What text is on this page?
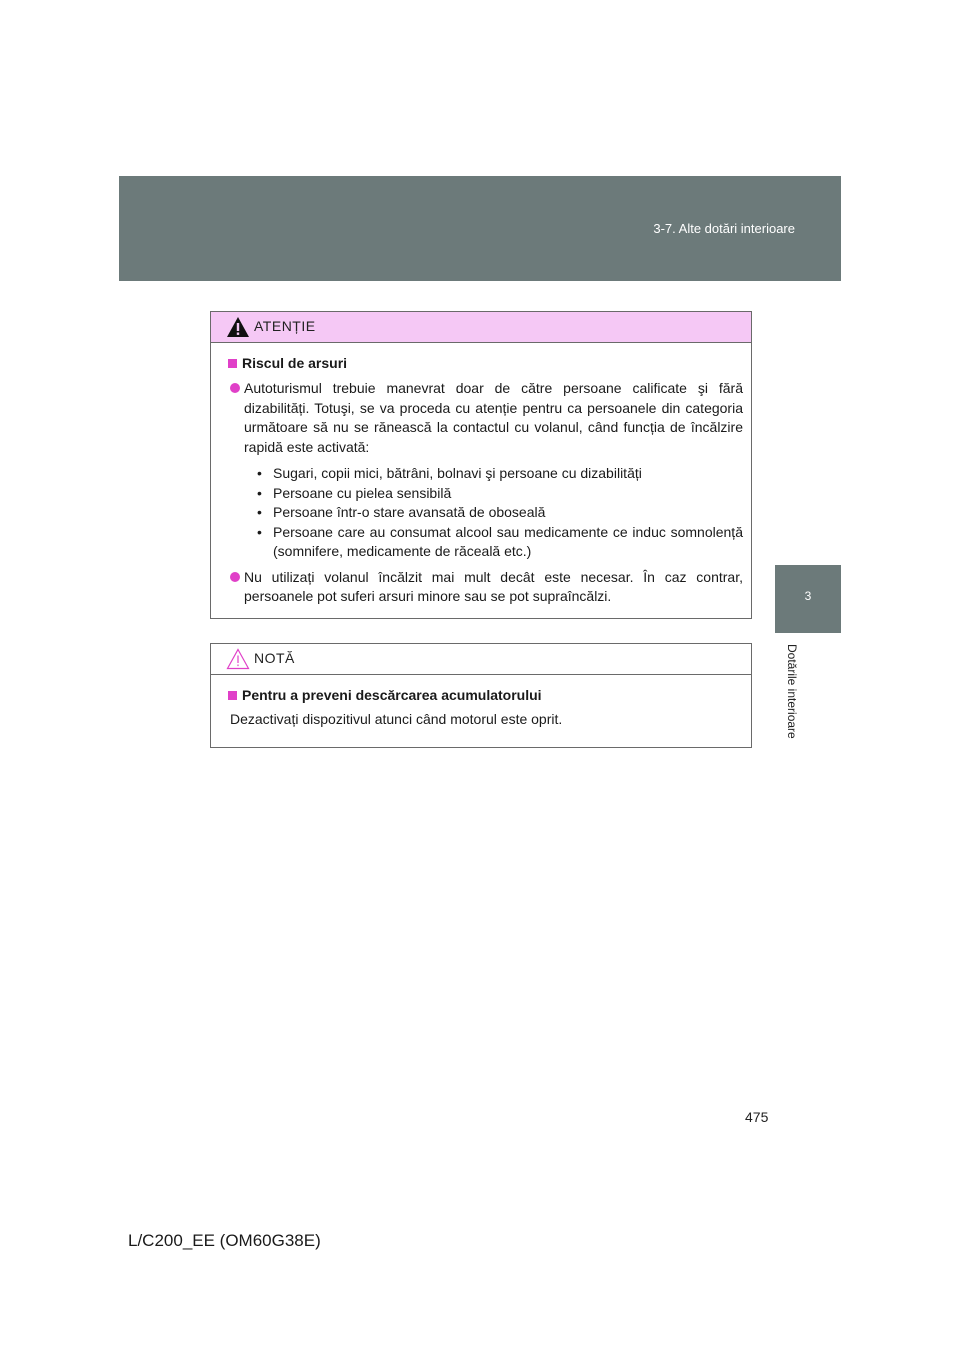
3-7. Alte dotări interioare
3
Dotările interioare
ATENȚIE
Riscul de arsuri
Autoturismul trebuie manevrat doar de către persoane calificate şi fără dizabilități. Totuşi, se va proceda cu atenție pentru ca persoanele din categoria următoare să nu se rănească la contactul cu volanul, când funcția de încălzire rapidă este activată:
• Sugari, copii mici, bătrâni, bolnavi şi persoane cu dizabilități
• Persoane cu pielea sensibilă
• Persoane într-o stare avansată de oboseală
• Persoane care au consumat alcool sau medicamente ce induc somnolență (somnifere, medicamente de răceală etc.)
Nu utilizați volanul încălzit mai mult decât este necesar. În caz contrar, persoanele pot suferi arsuri minore sau se pot supraîncălzi.
NOTĂ
Pentru a preveni descărcarea acumulatorului
Dezactivați dispozitivul atunci când motorul este oprit.
475
L/C200_EE (OM60G38E)
